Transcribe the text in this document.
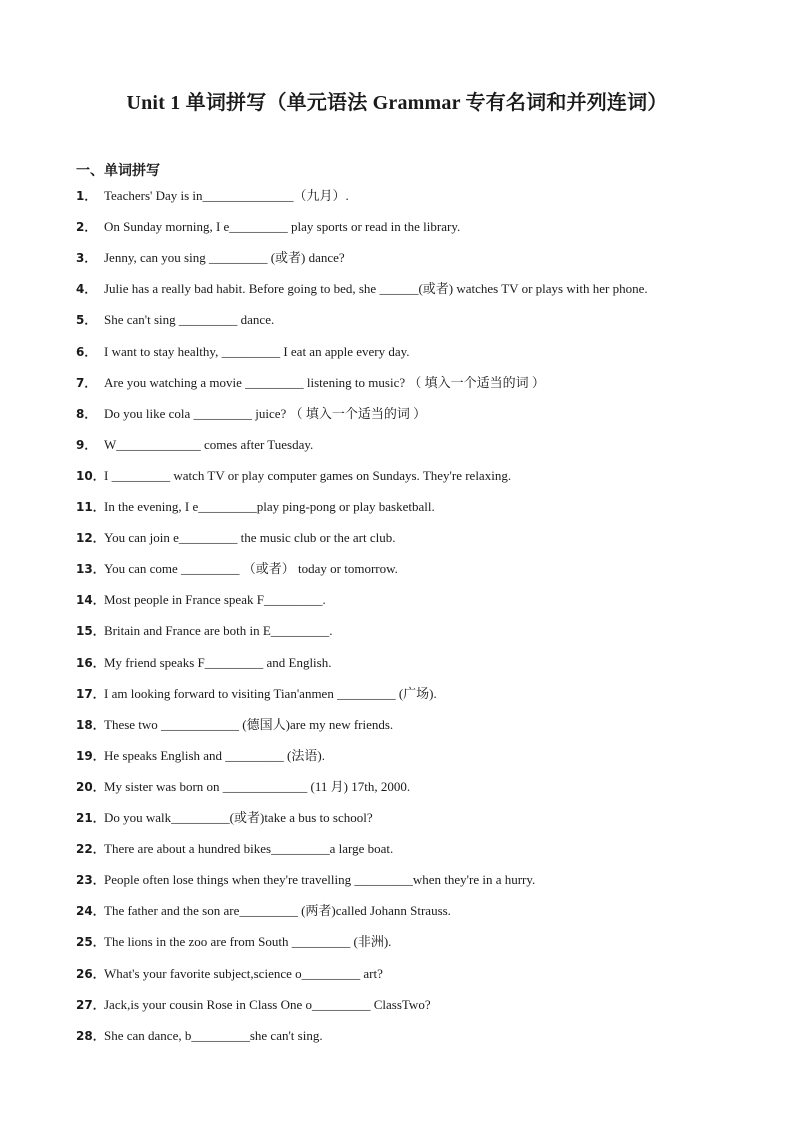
Unit 1 单词拼写（单元语法 Grammar 专有名词和并列连词）
一、单词拼写
1． Teachers' Day is in______________（九月）.
2． On Sunday morning, I e_________ play sports or read in the library.
3． Jenny, can you sing _________ (或者) dance?
4． Julie has a really bad habit. Before going to bed, she ______(或者) watches TV or plays with her phone.
5． She can't sing _________ dance.
6． I want to stay healthy, _________ I eat an apple every day.
7． Are you watching a movie _________ listening to music? （ 填入一个适当的词 ）
8． Do you like cola _________ juice? （ 填入一个适当的词 ）
9． W_____________ comes after Tuesday.
10．I _________ watch TV or play computer games on Sundays. They're relaxing.
11．In the evening, I e_________play ping-pong or play basketball.
12．You can join e_________ the music club or the art club.
13．You can come _________ （或者） today or tomorrow.
14．Most people in France speak F_________.
15．Britain and France are both in E_________.
16．My friend speaks F_________ and English.
17．I am looking forward to visiting Tian'anmen _________ (广场).
18．These two ____________ (德国人)are my new friends.
19．He speaks English and _________ (法语).
20．My sister was born on _____________ (11 月) 17th, 2000.
21．Do you walk_________(或者)take a bus to school?
22．There are about a hundred bikes_________a large boat.
23．People often lose things when they're travelling _________when they're in a hurry.
24．The father and the son are_________ (两者)called Johann Strauss.
25．The lions in the zoo are from South _________ (非洲).
26．What's your favorite subject,science o_________ art?
27．Jack,is your cousin Rose in Class One o_________ ClassTwo?
28．She can dance, b_________she can't sing.
